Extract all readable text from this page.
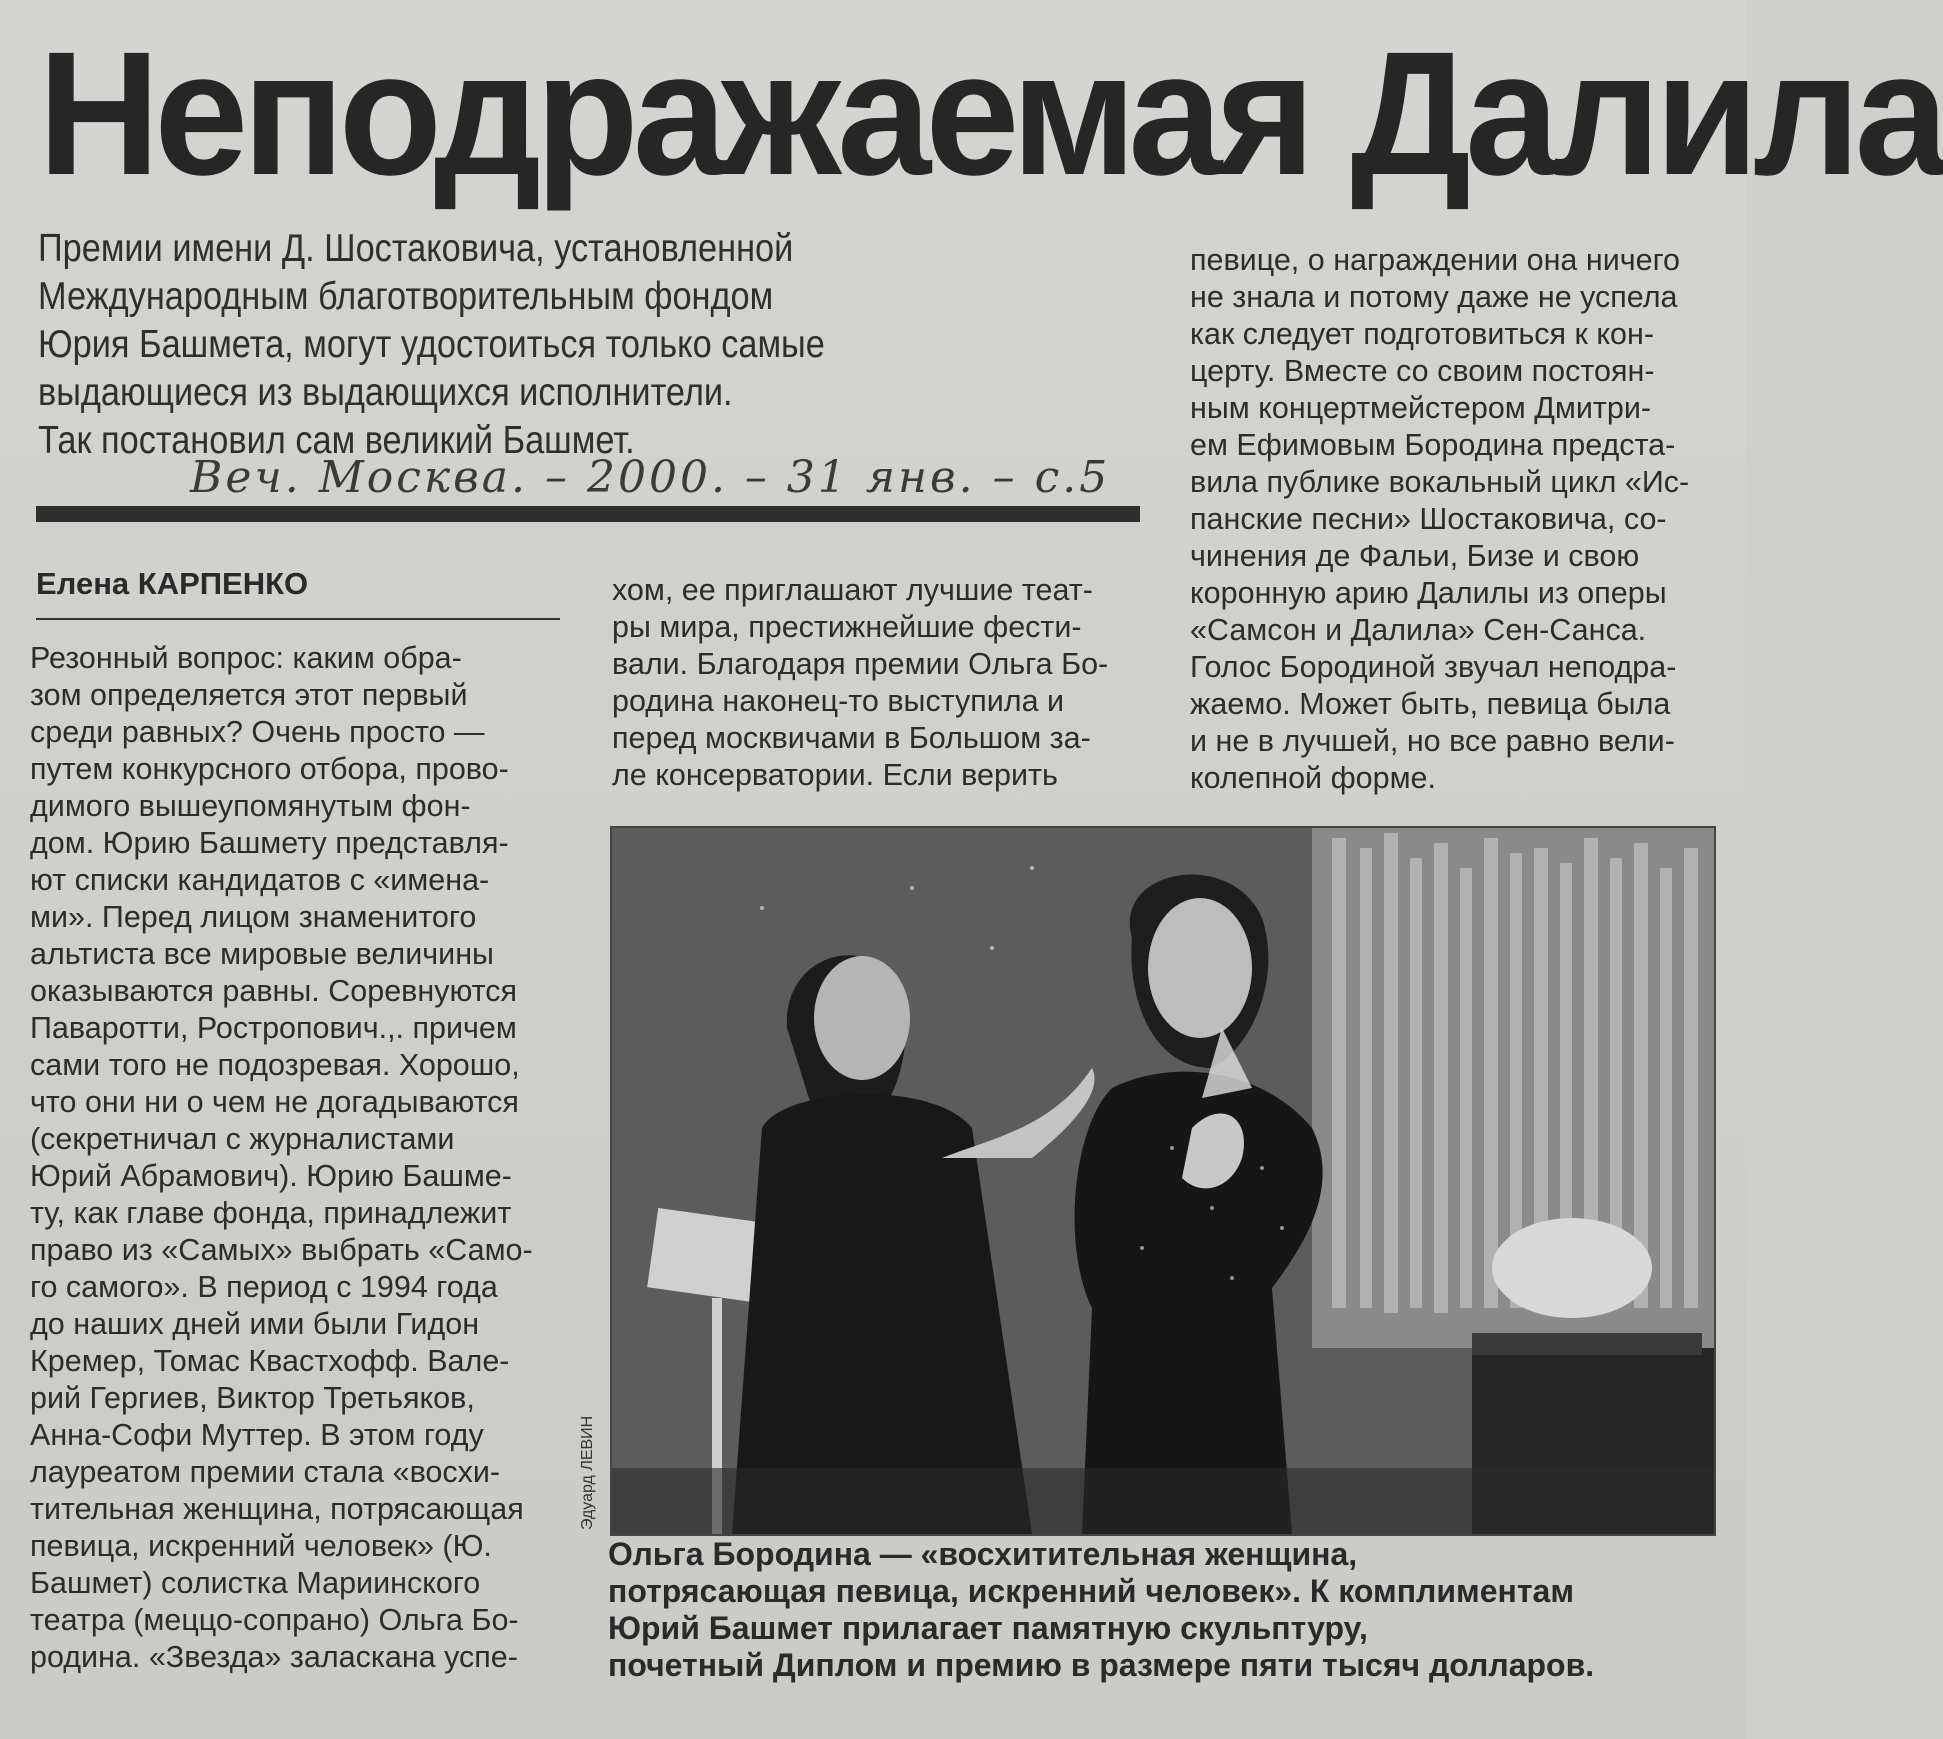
Неподражаемая Далила
Премии имени Д. Шостаковича, установленной
Международным благотворительным фондом
Юрия Башмета, могут удостоиться только самые
выдающиеся из выдающихся исполнители.
Так постановил сам великий Башмет.
Веч. Москва. – 2000. – 31 янв. – с.5
Елена КАРПЕНКО
Резонный вопрос: каким обра-
зом определяется этот первый
среди равных? Очень просто —
путем конкурсного отбора, прово-
димого вышеупомянутым фон-
дом. Юрию Башмету представля-
ют списки кандидатов с «имена-
ми». Перед лицом знаменитого
альтиста все мировые величины
оказываются равны. Соревнуются
Паваротти, Ростропович.,. причем
сами того не подозревая. Хорошо,
что они ни о чем не догадываются
(секретничал с журналистами
Юрий Абрамович). Юрию Башме-
ту, как главе фонда, принадлежит
право из «Самых» выбрать «Само-
го самого». В период с 1994 года
до наших дней ими были Гидон
Кремер, Томас Квастхофф. Вале-
рий Гергиев, Виктор Третьяков,
Анна-Софи Муттер. В этом году
лауреатом премии стала «восхи-
тительная женщина, потрясающая
певица, искренний человек» (Ю.
Башмет) солистка Мариинского
театра (меццо-сопрано) Ольга Бо-
родина. «Звезда» заласкана успе-
хом, ее приглашают лучшие теат-
ры мира, престижнейшие фести-
вали. Благодаря премии Ольга Бо-
родина наконец-то выступила и
перед москвичами в Большом за-
ле консерватории. Если верить
певице, о награждении она ничего
не знала и потому даже не успела
как следует подготовиться к кон-
церту. Вместе со своим постоян-
ным концертмейстером Дмитри-
ем Ефимовым Бородина предста-
вила публике вокальный цикл «Ис-
панские песни» Шостаковича, со-
чинения де Фальи, Бизе и свою
коронную арию Далилы из оперы
«Самсон и Далила» Сен-Санса.
Голос Бородиной звучал неподра-
жаемо. Может быть, певица была
и не в лучшей, но все равно вели-
колепной форме.
Эдуард ЛЕВИН
Ольга Бородина — «восхитительная женщина,
потрясающая певица, искренний человек». К комплиментам
Юрий Башмет прилагает памятную скульптуру,
почетный Диплом и премию в размере пяти тысяч долларов.
